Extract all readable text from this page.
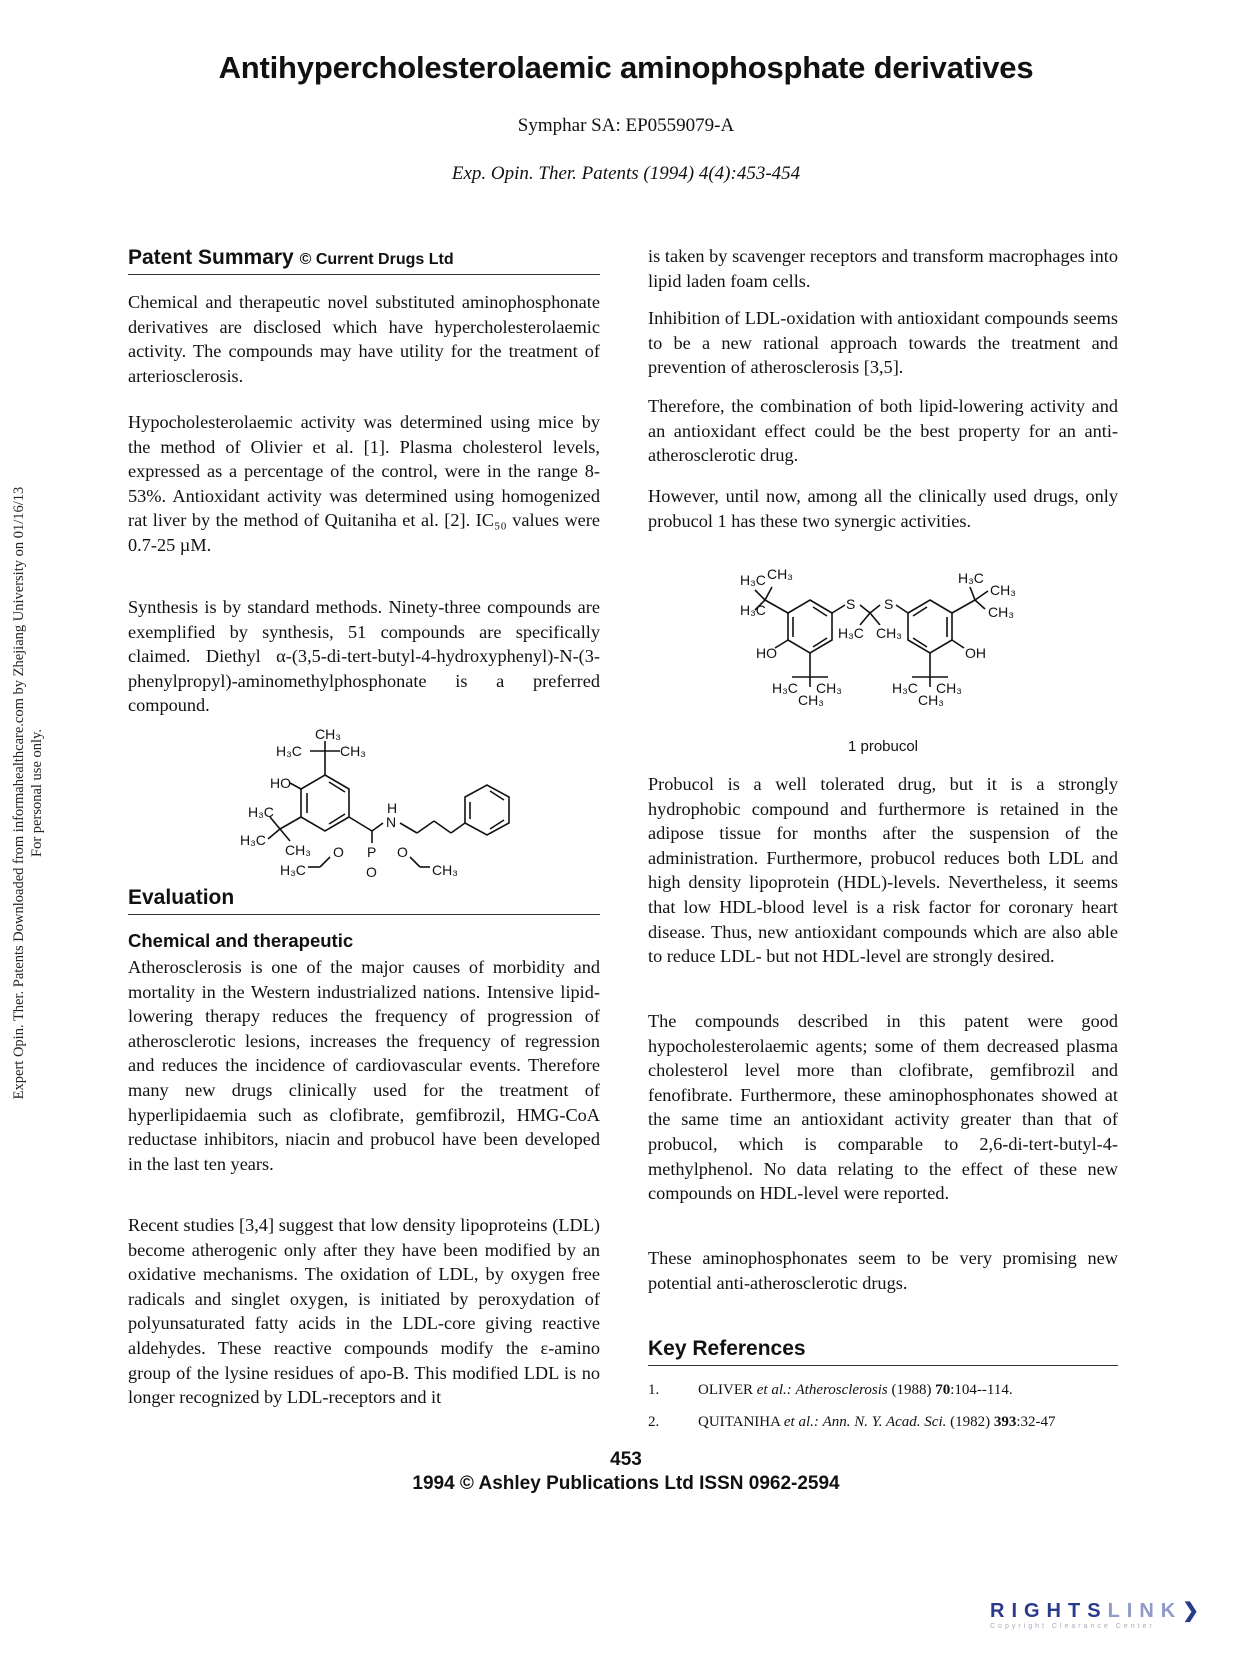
Antihypercholesterolaemic aminophosphate derivatives
Symphar SA: EP0559079-A
Exp. Opin. Ther. Patents (1994) 4(4):453-454
Expert Opin. Ther. Patents Downloaded from informahealthcare.com by Zhejiang University on 01/16/13 For personal use only.
Patent Summary © Current Drugs Ltd

Chemical and therapeutic novel substituted aminophosphonate derivatives are disclosed which have hypercholesterolaemic activity. The compounds may have utility for the treatment of arteriosclerosis.

Hypocholesterolaemic activity was determined using mice by the method of Olivier et al. [1]. Plasma cholesterol levels, expressed as a percentage of the control, were in the range 8-53%. Antioxidant activity was determined using homogenized rat liver by the method of Quitaniha et al. [2]. IC₅₀ values were 0.7-25 µM.

Synthesis is by standard methods. Ninety-three compounds are exemplified by synthesis, 51 compounds are specifically claimed. Diethyl α-(3,5-di-tert-butyl-4-hydroxyphenyl)-N-(3-phenylpropyl)-aminomethylphosphonate is a preferred compound.

CH₃
H₃C	CH₃
HO
H₃C
H₃C
CH₃
H
N
O P O
H₃C	O	CH₃
Evaluation
Chemical and therapeutic

Atherosclerosis is one of the major causes of morbidity and mortality in the Western industrialized nations. Intensive lipid-lowering therapy reduces the frequency of progression of atherosclerotic lesions, increases the frequency of regression and reduces the incidence of cardiovascular events. Therefore many new drugs clinically used for the treatment of hyperlipidaemia such as clofibrate, gemfibrozil, HMG-CoA reductase inhibitors, niacin and probucol have been developed in the last ten years.

Recent studies [3,4] suggest that low density lipoproteins (LDL) become atherogenic only after they have been modified by an oxidative mechanisms. The oxidation of LDL, by oxygen free radicals and singlet oxygen, is initiated by peroxydation of polyunsaturated fatty acids in the LDL-core giving reactive aldehydes. These reactive compounds modify the ε-amino group of the lysine residues of apo-B. This modified LDL is no longer recognized by LDL-receptors and it

is taken by scavenger receptors and transform macrophages into lipid laden foam cells.

Inhibition of LDL-oxidation with antioxidant compounds seems to be a new rational approach towards the treatment and prevention of atherosclerosis [3,5].

Therefore, the combination of both lipid-lowering activity and an antioxidant effect could be the best property for an anti-atherosclerotic drug.

However, until now, among all the clinically used drugs, only probucol 1 has these two synergic activities.

H₃C CH₃
H₃C	S S
H₃C CH₃
HO	OH
H₃C CH₃
CH₃
H₃C CH₃
CH₃
H₃C
CH₃
CH₃
1 probucol

Probucol is a well tolerated drug, but it is a strongly hydrophobic compound and furthermore is retained in the adipose tissue for months after the suspension of the administration. Furthermore, probucol reduces both LDL and high density lipoprotein (HDL)-levels. Nevertheless, it seems that low HDL-blood level is a risk factor for coronary heart disease. Thus, new antioxidant compounds which are also able to reduce LDL- but not HDL-level are strongly desired.

The compounds described in this patent were good hypocholesterolaemic agents; some of them decreased plasma cholesterol level more than clofibrate, gemfibrozil and fenofibrate. Furthermore, these aminophosphonates showed at the same time an antioxidant activity greater than that of probucol, which is comparable to 2,6-di-tert-butyl-4-methylphenol. No data relating to the effect of these new compounds on HDL-level were reported.

These aminophosphonates seem to be very promising new potential anti-atherosclerotic drugs.

Key References
1.	OLIVER et al.: Atherosclerosis (1988) 70:104--114.
2.	QUITANIHA et al.: Ann. N. Y. Acad. Sci. (1982) 393:32-47
453
1994 © Ashley Publications Ltd ISSN 0962-2594
RIGHTSLINK❯
Copyright Clearance Center
